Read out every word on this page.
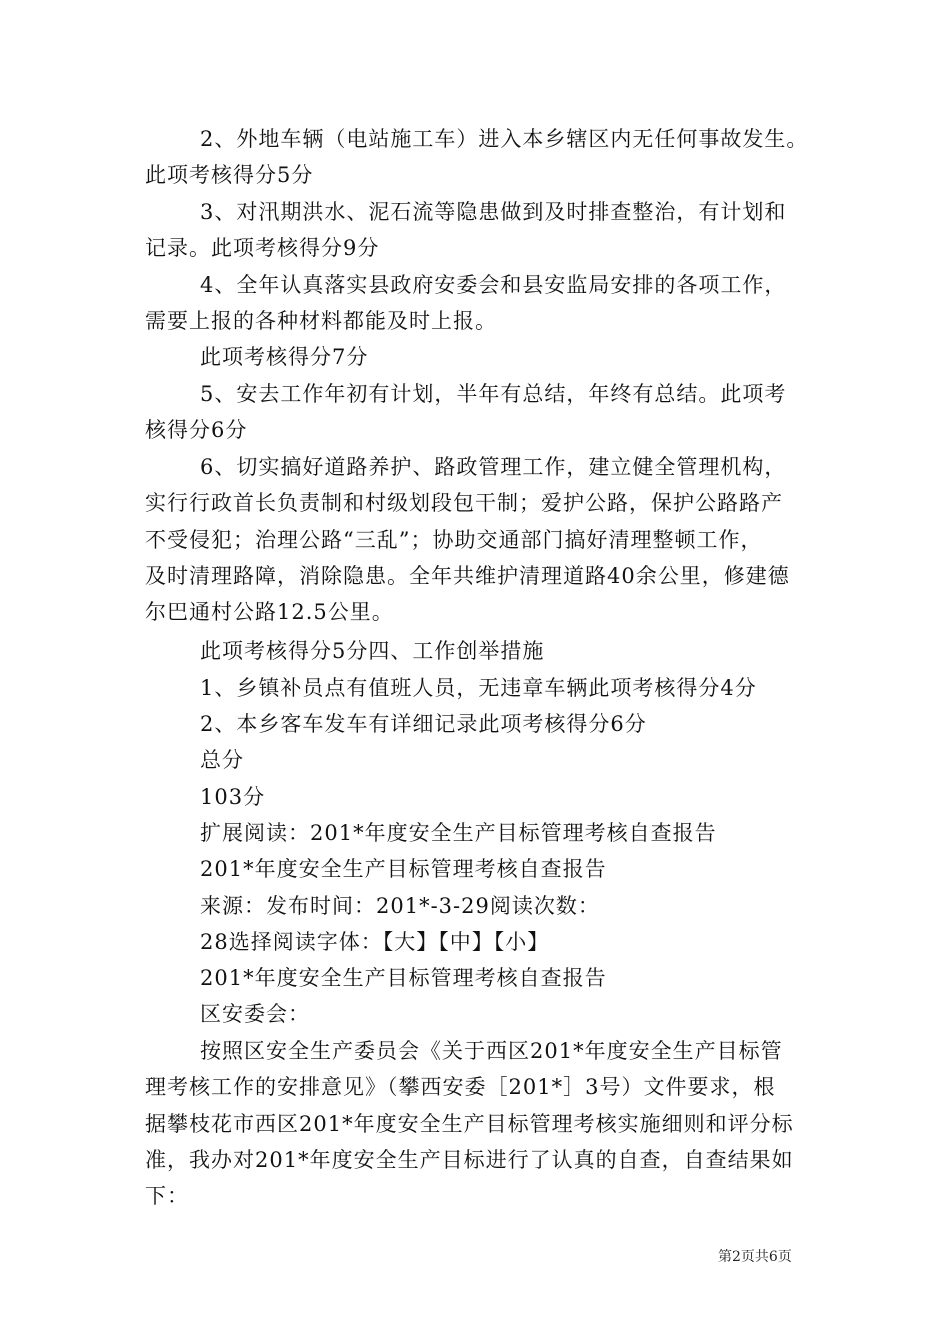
2、外地车辆（电站施工车）进入本乡辖区内无任何事故发生。
此项考核得分5分
3、对汛期洪水、泥石流等隐患做到及时排查整治，有计划和
记录。此项考核得分9分
4、全年认真落实县政府安委会和县安监局安排的各项工作，
需要上报的各种材料都能及时上报。
此项考核得分7分
5、安去工作年初有计划，半年有总结，年终有总结。此项考
核得分6分
6、切实搞好道路养护、路政管理工作，建立健全管理机构，
实行行政首长负责制和村级划段包干制；爱护公路，保护公路路产
不受侵犯；治理公路“三乱”；协助交通部门搞好清理整顿工作，
及时清理路障，消除隐患。全年共维护清理道路40余公里，修建德
尔巴通村公路12.5公里。
此项考核得分5分四、工作创举措施
1、乡镇补员点有值班人员，无违章车辆此项考核得分4分
2、本乡客车发车有详细记录此项考核得分6分
总分
103分
扩展阅读：201*年度安全生产目标管理考核自查报告
201*年度安全生产目标管理考核自查报告
来源：发布时间：201*-3-29阅读次数：
28选择阅读字体：【大】【中】【小】
201*年度安全生产目标管理考核自查报告
区安委会：
按照区安全生产委员会《关于西区201*年度安全生产目标管
理考核工作的安排意见》（攀西安委［201*］3号）文件要求，根
据攀枝花市西区201*年度安全生产目标管理考核实施细则和评分标
准，我办对201*年度安全生产目标进行了认真的自查，自查结果如
下：
第2页共6页
